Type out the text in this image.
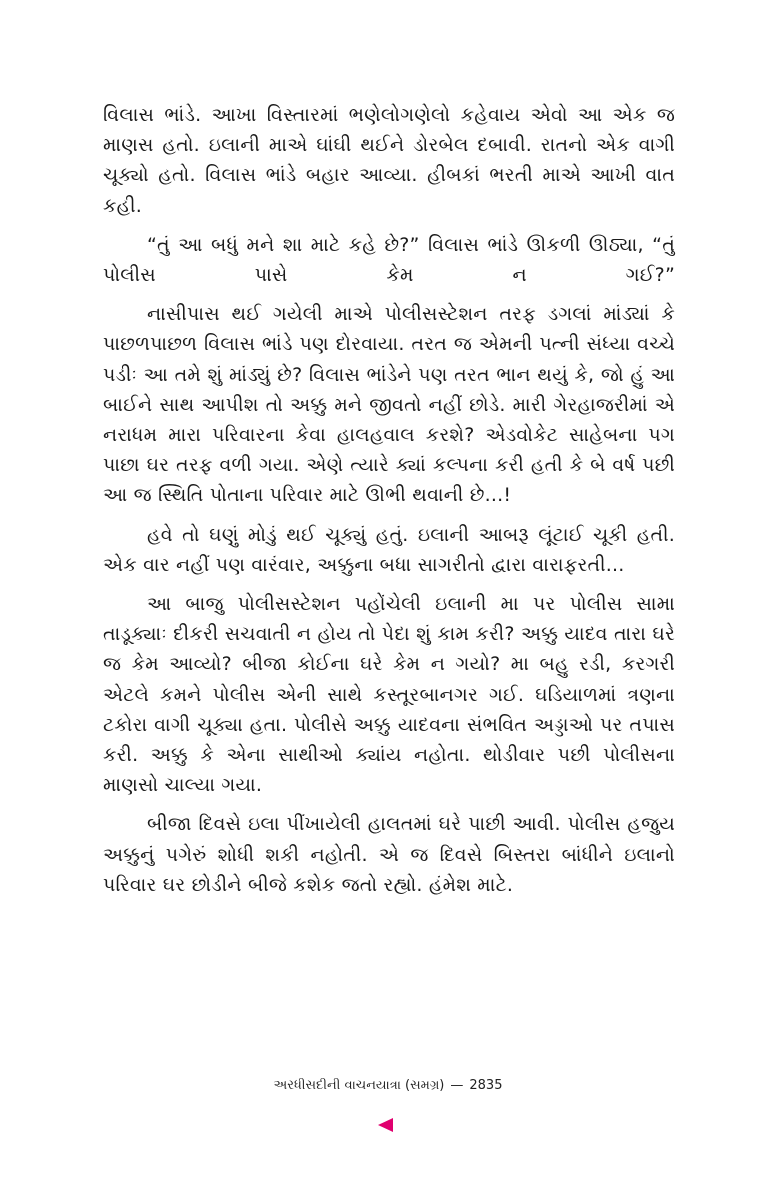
વિલાસ ભાંડે. આખા વિસ્તારમાં ભણેલોગણેલો કહેવાય એવો આ એક જ માણસ હતો. ઇલાની માએ ઘાંઘી થઈને ડોરબેલ દબાવી. રાતનો એક વાગી ચૂક્યો હતો. વિલાસ ભાંડે બહાર આવ્યા. હીબકાં ભરતી માએ આખી વાત કહી.

“તું આ બધું મને શા માટે કહે છે?” વિલાસ ભાંડે ઊકળી ઊઠ્યા, “તું પોલીસ પાસે કેમ ન ગઈ?”

નાસીપાસ થઈ ગયેલી માએ પોલીસસ્ટેશન તરફ ડગલાં માંડ્યાં કે પાછળપાછળ વિલાસ ભાંડે પણ દોરવાયા. તરત જ એમની પત્ની સંધ્યા વચ્ચે પડીઃ આ તમે શું માંડ્યું છે? વિલાસ ભાંડેને પણ તરત ભાન થયું કે, જો હું આ બાઈને સાથ આપીશ તો અક્કુ મને જીવતો નહીં છોડે. મારી ગેરહાજરીમાં એ નરાધમ મારા પરિવારના કેવા હાલહવાલ કરશે? એડવોકેટ સાહેબના પગ પાછા ઘર તરફ વળી ગયા. એણે ત્યારે ક્યાં કલ્પના કરી હતી કે બે વર્ષ પછી આ જ સ્થિતિ પોતાના પરિવાર માટે ઊભી થવાની છે...!

હવે તો ઘણું મોડું થઈ ચૂક્યું હતું. ઇલાની આબરૂ લૂંટાઈ ચૂકી હતી. એક વાર નહીં પણ વારંવાર, અક્કુના બધા સાગરીતો દ્વારા વારાફરતી...

આ બાજુ પોલીસસ્ટેશન પહોંચેલી ઇલાની મા પર પોલીસ સામા તાડૂક્યાઃ દીકરી સચવાતી ન હોય તો પેદા શું કામ કરી? અક્કુ યાદવ તારા ઘરે જ કેમ આવ્યો? બીજા કોઈના ઘરે કેમ ન ગયો? મા બહુ રડી, કરગરી એટલે કમને પોલીસ એની સાથે કસ્તૂરબાનગર ગઈ. ઘડિયાળમાં ત્રણના ટકોરા વાગી ચૂક્યા હતા. પોલીસે અક્કુ યાદવના સંભવિત અડ્ડાઓ પર તપાસ કરી. અક્કુ કે એના સાથીઓ ક્યાંય નહોતા. થોડીવાર પછી પોલીસના માણસો ચાલ્યા ગયા.

બીજા દિવસે ઇલા પીંખાયેલી હાલતમાં ઘરે પાછી આવી. પોલીસ હજુય અક્કુનું પગેરું શોધી શકી નહોતી. એ જ દિવસે બિસ્તરા બાંધીને ઇલાનો પરિવાર ઘર છોડીને બીજે કશેક જતો રહ્યો. હંમેશ માટે.

અરધીસદીની વાચનયાત્રા (સમગ્ર) — 2835
